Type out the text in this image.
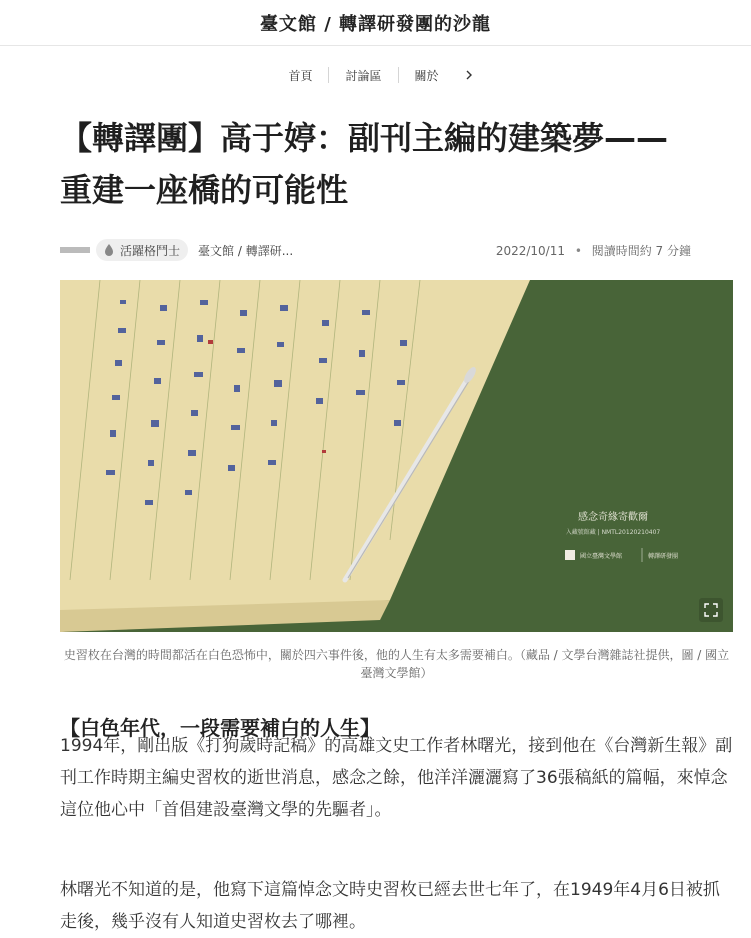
臺文館 / 轉譯研發團的沙龍
首頁	討論區	關於
【轉譯團】高于婷：副刊主編的建築夢——重建一座橋的可能性
活躍格鬥士 臺文館 / 轉譯研...	2022/10/11 • 閱讀時間約 7 分鐘
感念奇緣寄歡爾
入藏號館藏 | NMTL20120210407
國立臺灣文學館	轉譯研發團

史習枚在台灣的時間都活在白色恐怖中，關於四六事件後，他的人生有太多需要補白。（藏品 / 文學台灣雜誌社提供，圖 / 國立臺灣文學館）

【白色年代，一段需要補白的人生】

1994年，剛出版《打狗歲時記稿》的高雄文史工作者林曙光，接到他在《台灣新生報》副刊工作時期主編史習枚的逝世消息，感念之餘，他洋洋灑灑寫了36張稿紙的篇幅，來悼念這位他心中「首倡建設臺灣文學的先驅者」。

林曙光不知道的是，他寫下這篇悼念文時史習枚已經去世七年了，在1949年4月6日被抓走後，幾乎沒有人知道史習枚去了哪裡。
